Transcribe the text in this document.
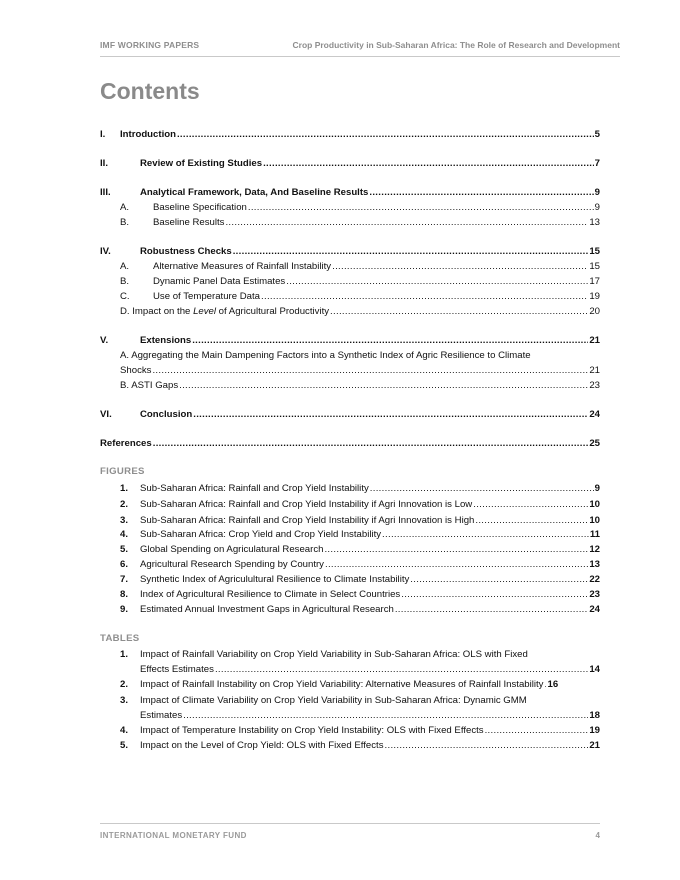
IMF WORKING PAPERS	Crop Productivity in Sub-Saharan Africa: The Role of Research and Development
Contents
I.	Introduction .....	5
II.	Review of Existing Studies .....	7
III.	Analytical Framework, Data, And Baseline Results .....	9
A.	Baseline Specification .....	9
B.	Baseline Results .....	13
IV.	Robustness Checks .....	15
A.	Alternative Measures of Rainfall Instability .....	15
B.	Dynamic Panel Data Estimates .....	17
C.	Use of Temperature Data .....	19
D. Impact on the Level of Agricultural Productivity .....	20
V.	Extensions .....	21
A. Aggregating the Main Dampening Factors into a Synthetic Index of Agric Resilience to Climate
Shocks .....	21
B. ASTI Gaps .....	23
VI.	Conclusion .....	24
References .....	25
FIGURES
1.	Sub-Saharan Africa: Rainfall and Crop Yield Instability .....	9
2.	Sub-Saharan Africa: Rainfall and Crop Yield Instability if Agri Innovation is Low .....	10
3.	Sub-Saharan Africa: Rainfall and Crop Yield Instability if Agri Innovation is High .....	10
4.	Sub-Saharan Africa: Crop Yield and Crop Yield Instability .....	11
5.	Global Spending on Agriculatural Research .....	12
6.	Agricultural Research Spending by Country .....	13
7.	Synthetic Index of Agriculultural Resilience to Climate Instability .....	22
8.	Index of Agricultural Resilience to Climate in Select Countries .....	23
9.	Estimated Annual Investment Gaps in Agricultural Research .....	24
TABLES
1.	Impact of Rainfall Variability on Crop Yield Variability in Sub-Saharan Africa: OLS with Fixed
Effects Estimates .....	14
2.	Impact of Rainfall Instability on Crop Yield Variability: Alternative Measures of Rainfall Instability ..... 16
3.	Impact of Climate Variability on Crop Yield Variability in Sub-Saharan Africa: Dynamic GMM
Estimates .....	18
4.	Impact of Temperature Instability on Crop Yield Instability: OLS with Fixed Effects .....	19
5.	Impact on the Level of Crop Yield: OLS with Fixed Effects .....	21
INTERNATIONAL MONETARY FUND	4
